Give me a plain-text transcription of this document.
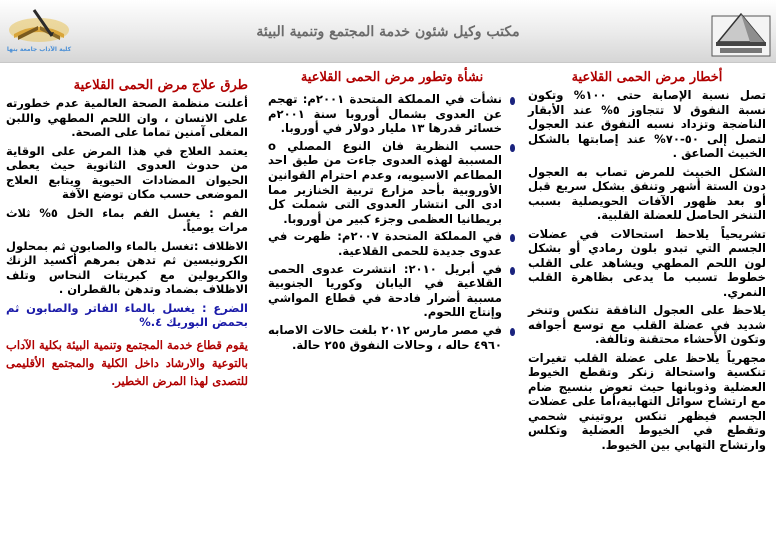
كلية الآداب جامعة بنها
مكتب وكيل شئون خدمة المجتمع وتنمية البيئة
أخطار مرض الحمى القلاعية

تصل نسبة الإصابة حتى ١٠٠% وتكون نسبة النفوق لا تتجاوز ٥% عند الأبقار الناضجة وتزداد نسبه النفوق عند العجول لتصل إلى ٥٠-٧٠% عند إصابتها بالشكل الخبيث الصاعق .

الشكل الخبيث للمرض تصاب به العجول دون الستة أشهر وتنفق بشكل سريع قبل أو بعد ظهور الآفات الحويصلية بسبب التنخر الحاصل للعضلة القلبية.

تشريحياً يلاحظ استحالات في عضلات الجسم التي تبدو بلون رمادي أو بشكل لون اللحم المطهي ويشاهد على القلب خطوط تسبب ما يدعى بظاهرة القلب النمري.

يلاحظ على العجول النافقة تنكس وتنخر شديد في عضلة القلب مع توسع أجوافه وتكون الأحشاء محتقنة وتالفة.

مجهرياً يلاحظ على عضلة القلب تغيرات تنكسية واستحالة زنكر وتقطع الخيوط العضلية وذوبانها حيث تعوض بنسيج ضام مع ارتشاح سوائل التهابية،أما على عضلات الجسم فيظهر تنكس بروتيني شحمي وتقطع في الخيوط العضلية وتكلس وارتشاح التهابي بين الخيوط.

نشأة وتطور مرض الحمى القلاعية
نشأت في المملكة المتحدة ٢٠٠١م: تهجم عن العدوى بشمال أوروبا سنة ٢٠٠١م خسائر قدرها ١٣ مليار دولار في أوروبا.
حسب النظرية فان النوع المصلي o المسببة لهذه العدوى جاءت من طيق احد المطاعم الاسيويه، وعدم احترام القوانين الأوروبية بأحد مزارع تربية الخنازير مما ادى الى انتشار العدوى التى شملت كل بريطانيا العظمى وجزء كبير من أوروبا.
في المملكة المتحدة ٢٠٠٧م: ظهرت في عدوى جديدة للحمى القلاعية.
في أبريل ٢٠١٠: انتشرت عدوى الحمى القلاعية في اليابان وكوريا الجنوبية مسببة أضرار فادحة في قطاع المواشي وإنتاج اللحوم.
في مصر مارس ٢٠١٢ بلغت حالات الاصابه ٤٩٦٠ حاله ، وحالات النفوق ٢٥٥ حالة.
طرق علاج مرض الحمى القلاعية

أعلنت منظمة الصحة العالمية عدم خطورته على الانسان ، وان اللحم المطهي واللبن المغلى آمنين تماما على الصحة.

يعتمد العلاج في هذا المرض على الوقاية من حدوث العدوى الثانوية حيث يعطى الحيوان المضادات الحيوية ويتابع العلاج الموضعى حسب مكان توضع الآفة

الفم : يغسل الفم بماء الخل ٥% ثلاث مرات يومياً.

الاظلاف :تغسل بالماء والصابون ثم بمحلول الكرونيسين ثم تدهن بمرهم أكسيد الزنك والكريولين مع كبريتات النحاس وتلف الاظلاف بضماد وتدهن بالقطران .

الضرع : يغسل بالماء الفاتر والصابون ثم بحمض البوريك ٤.%

يقوم قطاع خدمة المجتمع وتنمية البيئة بكلية الآداب بالتوعية والارشاد داخل الكلية والمجتمع الأقليمى للتصدى لهذا المرض الخطير.
